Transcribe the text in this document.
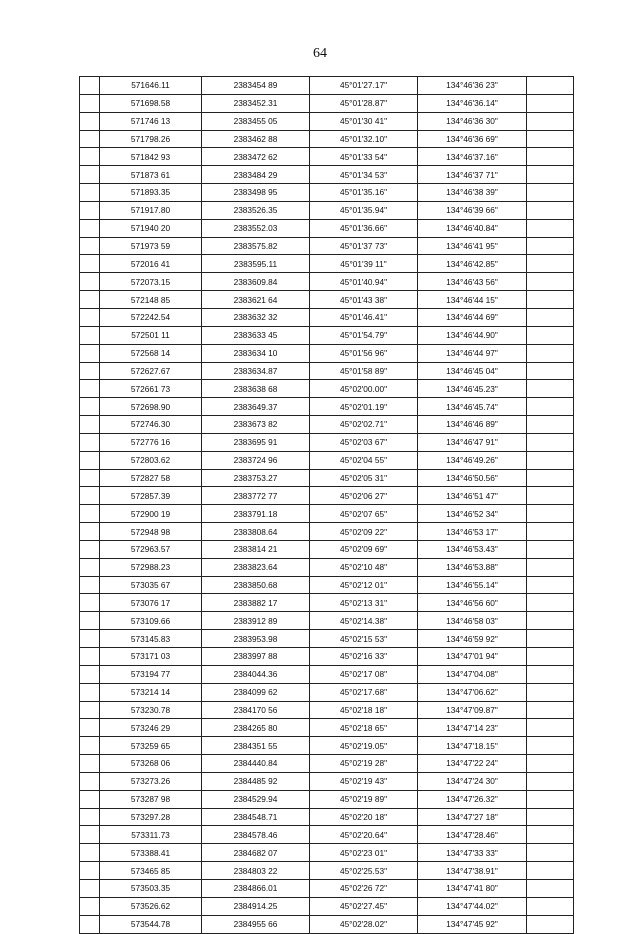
64
	571646.11	2383454 89	45°01'27.17"	134°46'36 23"	
	571698.58	2383452.31	45°01'28.87"	134°46'36.14"	
	571746 13	2383455 05	45°01'30 41"	134°46'36 30"	
	571798.26	2383462 88	45°01'32.10"	134°46'36 69"	
	571842 93	2383472 62	45°01'33 54"	134°46'37.16"	
	571873 61	2383484 29	45°01'34 53"	134°46'37 71"	
	571893.35	2383498 95	45°01'35.16"	134°46'38 39"	
	571917.80	2383526.35	45°01'35.94"	134°46'39 66"	
	571940 20	2383552.03	45°01'36.66"	134°46'40.84"	
	571973 59	2383575.82	45°01'37 73"	134°46'41 95"	
	572016 41	2383595.11	45°01'39 11"	134°46'42.85"	
	572073.15	2383609.84	45°01'40.94"	134°46'43 56"	
	572148 85	2383621 64	45°01'43 38"	134°46'44 15"	
	572242.54	2383632 32	45°01'46.41"	134°46'44 69"	
	572501 11	2383633 45	45°01'54.79"	134°46'44.90"	
	572568 14	2383634 10	45°01'56 96"	134°46'44 97"	
	572627.67	2383634.87	45°01'58 89"	134°46'45 04"	
	572661 73	2383638 68	45°02'00.00"	134°46'45.23"	
	572698.90	2383649.37	45°02'01.19"	134°46'45.74"	
	572746.30	2383673 82	45°02'02.71"	134°46'46 89"	
	572776 16	2383695 91	45°02'03 67"	134°46'47 91"	
	572803.62	2383724 96	45°02'04 55"	134°46'49.26"	
	572827 58	2383753.27	45°02'05 31"	134°46'50.56"	
	572857.39	2383772 77	45°02'06 27"	134°46'51 47"	
	572900 19	2383791.18	45°02'07 65"	134°46'52 34"	
	572948 98	2383808.64	45°02'09 22"	134°46'53 17"	
	572963.57	2383814 21	45°02'09 69"	134°46'53.43"	
	572988.23	2383823.64	45°02'10 48"	134°46'53.88"	
	573035 67	2383850.68	45°02'12 01"	134°46'55.14"	
	573076 17	2383882 17	45°02'13 31"	134°46'56 60"	
	573109.66	2383912 89	45°02'14.38"	134°46'58 03"	
	573145.83	2383953.98	45°02'15 53"	134°46'59 92"	
	573171 03	2383997 88	45°02'16 33"	134°47'01 94"	
	573194 77	2384044.36	45°02'17 08"	134°47'04.08"	
	573214 14	2384099 62	45°02'17.68"	134°47'06.62"	
	573230.78	2384170 56	45°02'18 18"	134°47'09.87"	
	573246 29	2384265 80	45°02'18 65"	134°47'14 23"	
	573259 65	2384351 55	45°02'19.05"	134°47'18.15"	
	573268 06	2384440.84	45°02'19 28"	134°47'22 24"	
	573273.26	2384485 92	45°02'19 43"	134°47'24 30"	
	573287 98	2384529.94	45°02'19 89"	134°47'26.32"	
	573297.28	2384548.71	45°02'20 18"	134°47'27 18"	
	573311.73	2384578.46	45°02'20.64"	134°47'28.46"	
	573388.41	2384682 07	45°02'23 01"	134°47'33 33"	
	573465 85	2384803 22	45°02'25.53"	134°47'38.91"	
	573503.35	2384866.01	45°02'26 72"	134°47'41 80"	
	573526.62	2384914.25	45°02'27.45"	134°47'44.02"	
	573544.78	2384955 66	45°02'28.02"	134°47'45 92"	
